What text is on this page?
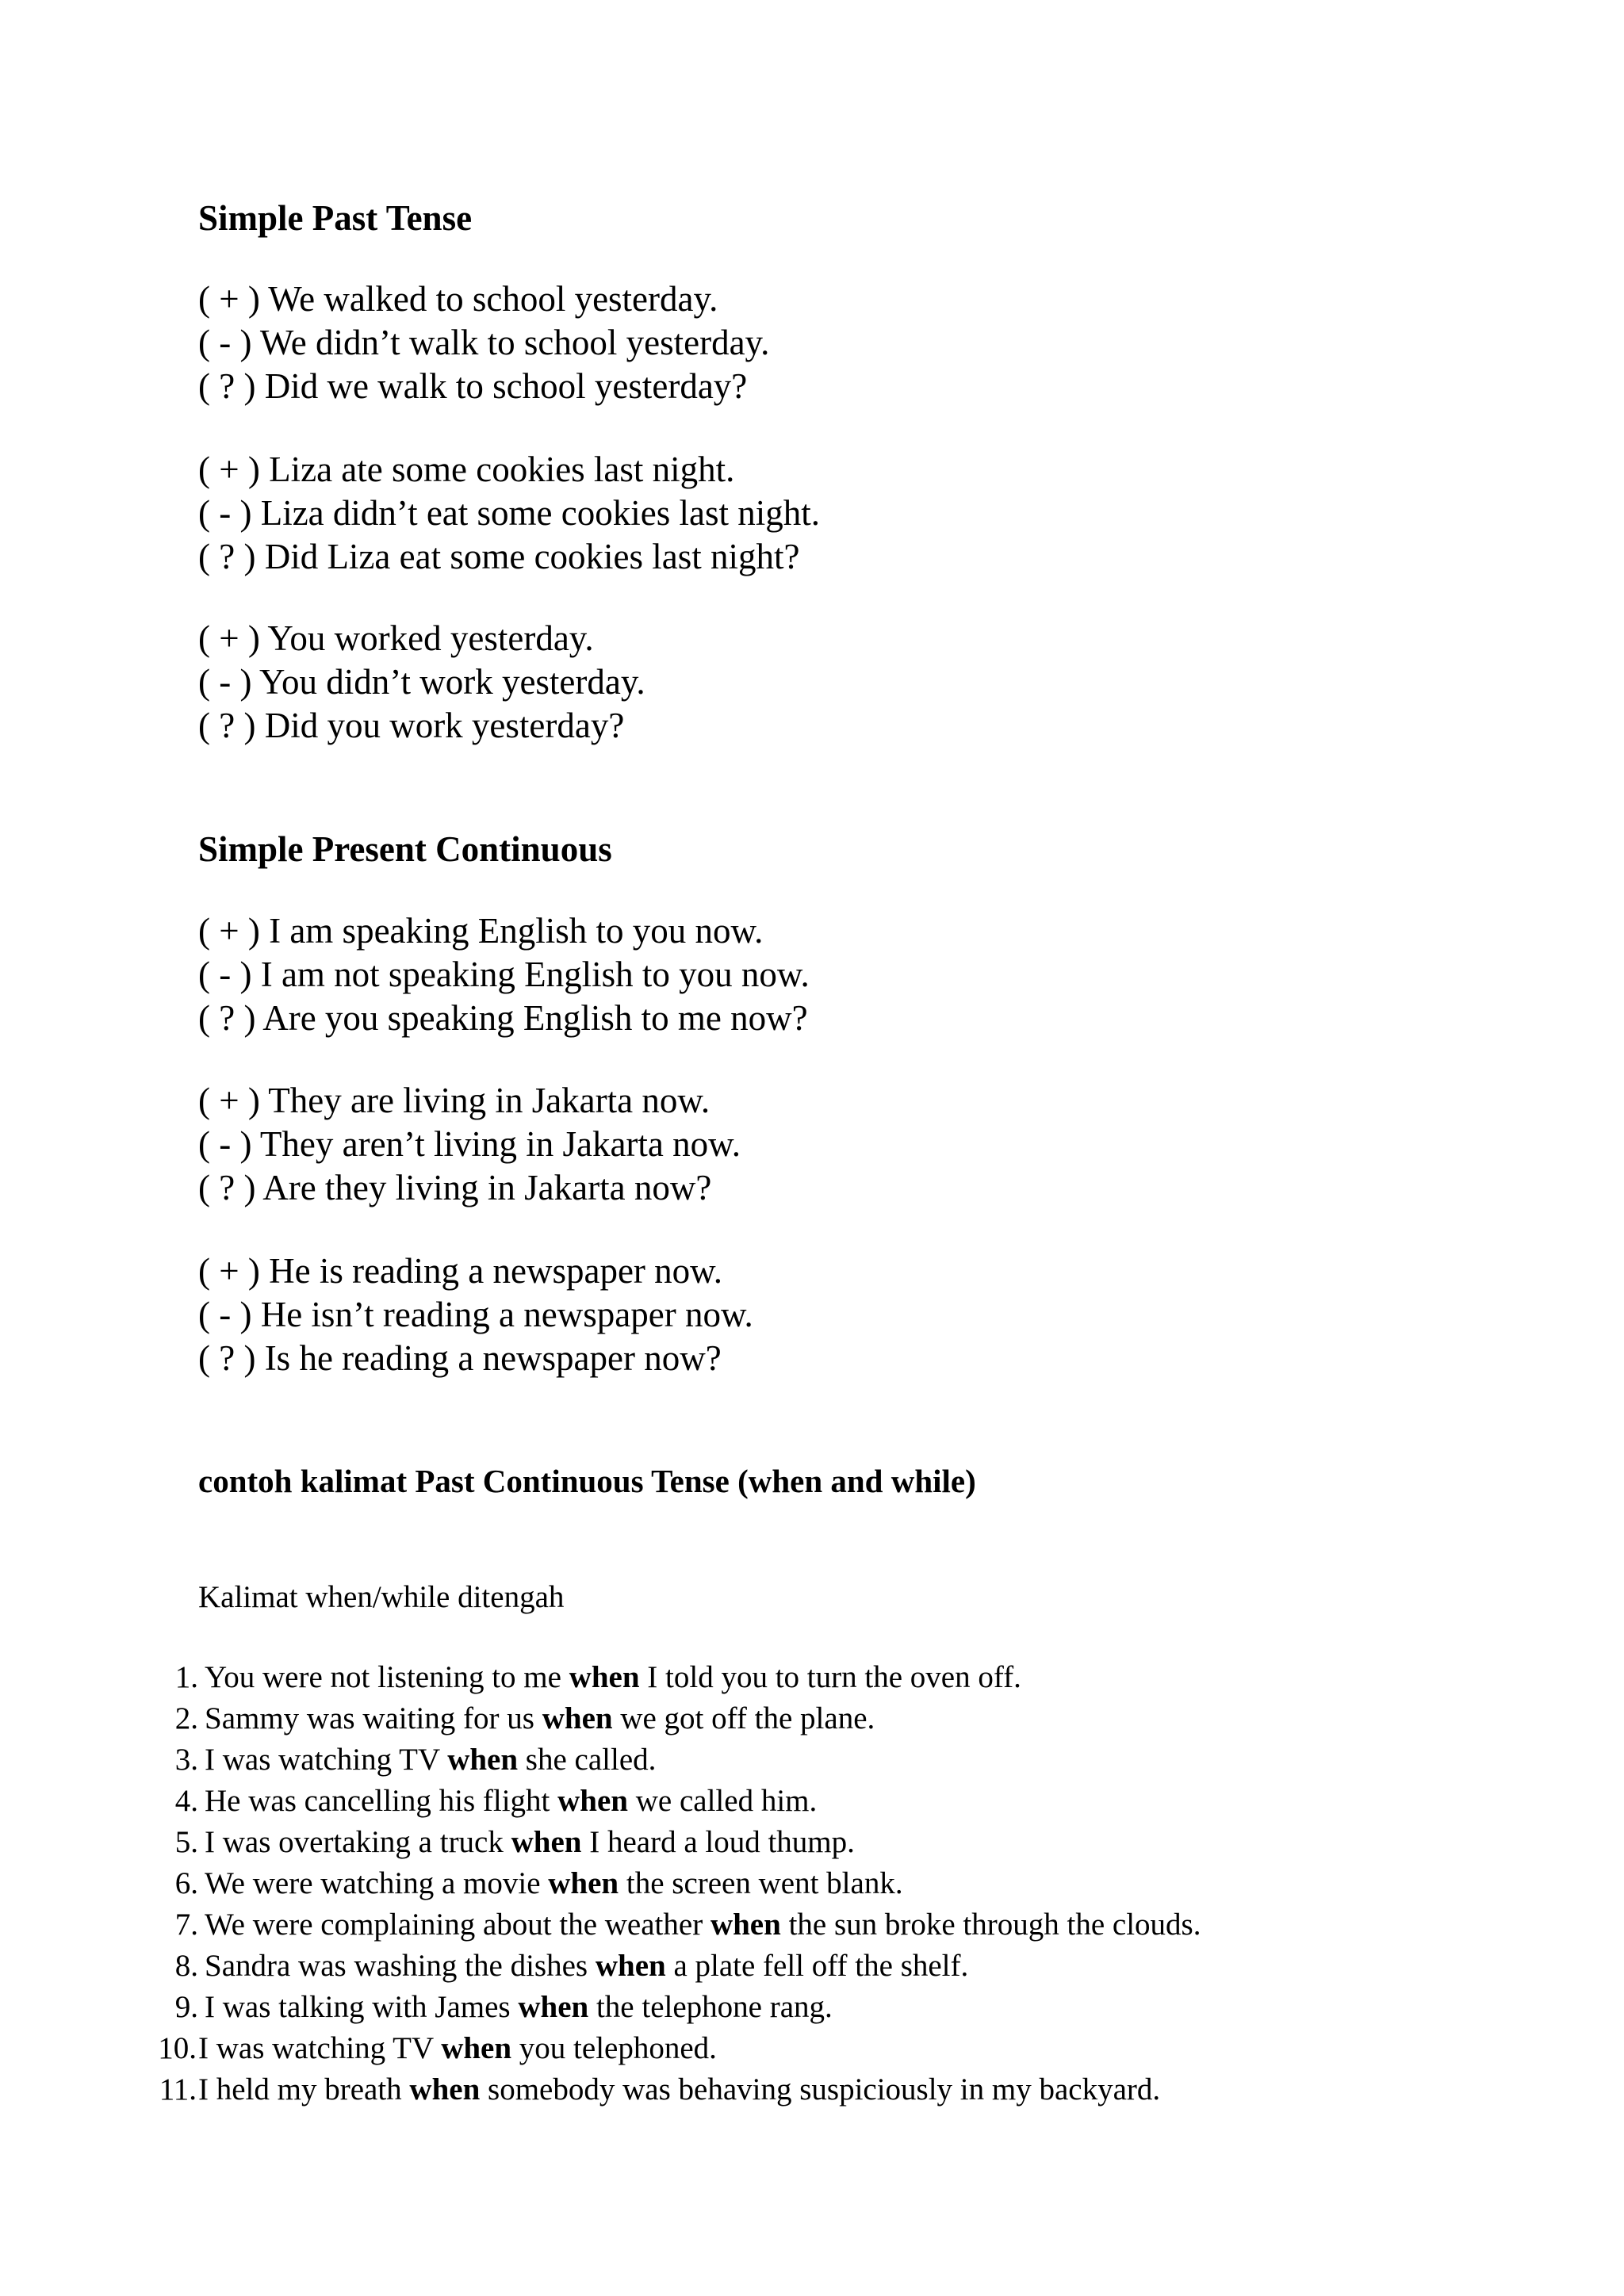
Simple Past Tense
( + ) We walked to school yesterday.
( - ) We didn’t walk to school yesterday.
( ? ) Did we walk to school yesterday?
( + ) Liza ate some cookies last night.
( - ) Liza didn’t eat some cookies last night.
( ? ) Did Liza eat some cookies last night?
( + ) You worked yesterday.
( - ) You didn’t work yesterday.
( ? ) Did you work yesterday?
Simple Present Continuous
( + ) I am speaking English to you now.
( - ) I am not speaking English to you now.
( ? ) Are you speaking English to me now?
( + ) They are living in Jakarta now.
( - ) They aren’t living in Jakarta now.
( ? ) Are they living in Jakarta now?
( + ) He is reading a newspaper now.
( - ) He isn’t reading a newspaper now.
( ? ) Is he reading a newspaper now?
contoh kalimat Past Continuous Tense (when and while)
Kalimat when/while ditengah
1. You were not listening to me when I told you to turn the oven off.
2. Sammy was waiting for us when we got off the plane.
3. I was watching TV when she called.
4. He was cancelling his flight when we called him.
5. I was overtaking a truck when I heard a loud thump.
6. We were watching a movie when the screen went blank.
7. We were complaining about the weather when the sun broke through the clouds.
8. Sandra was washing the dishes when a plate fell off the shelf.
9. I was talking with James when the telephone rang.
10. I was watching TV when you telephoned.
11. I held my breath when somebody was behaving suspiciously in my backyard.
